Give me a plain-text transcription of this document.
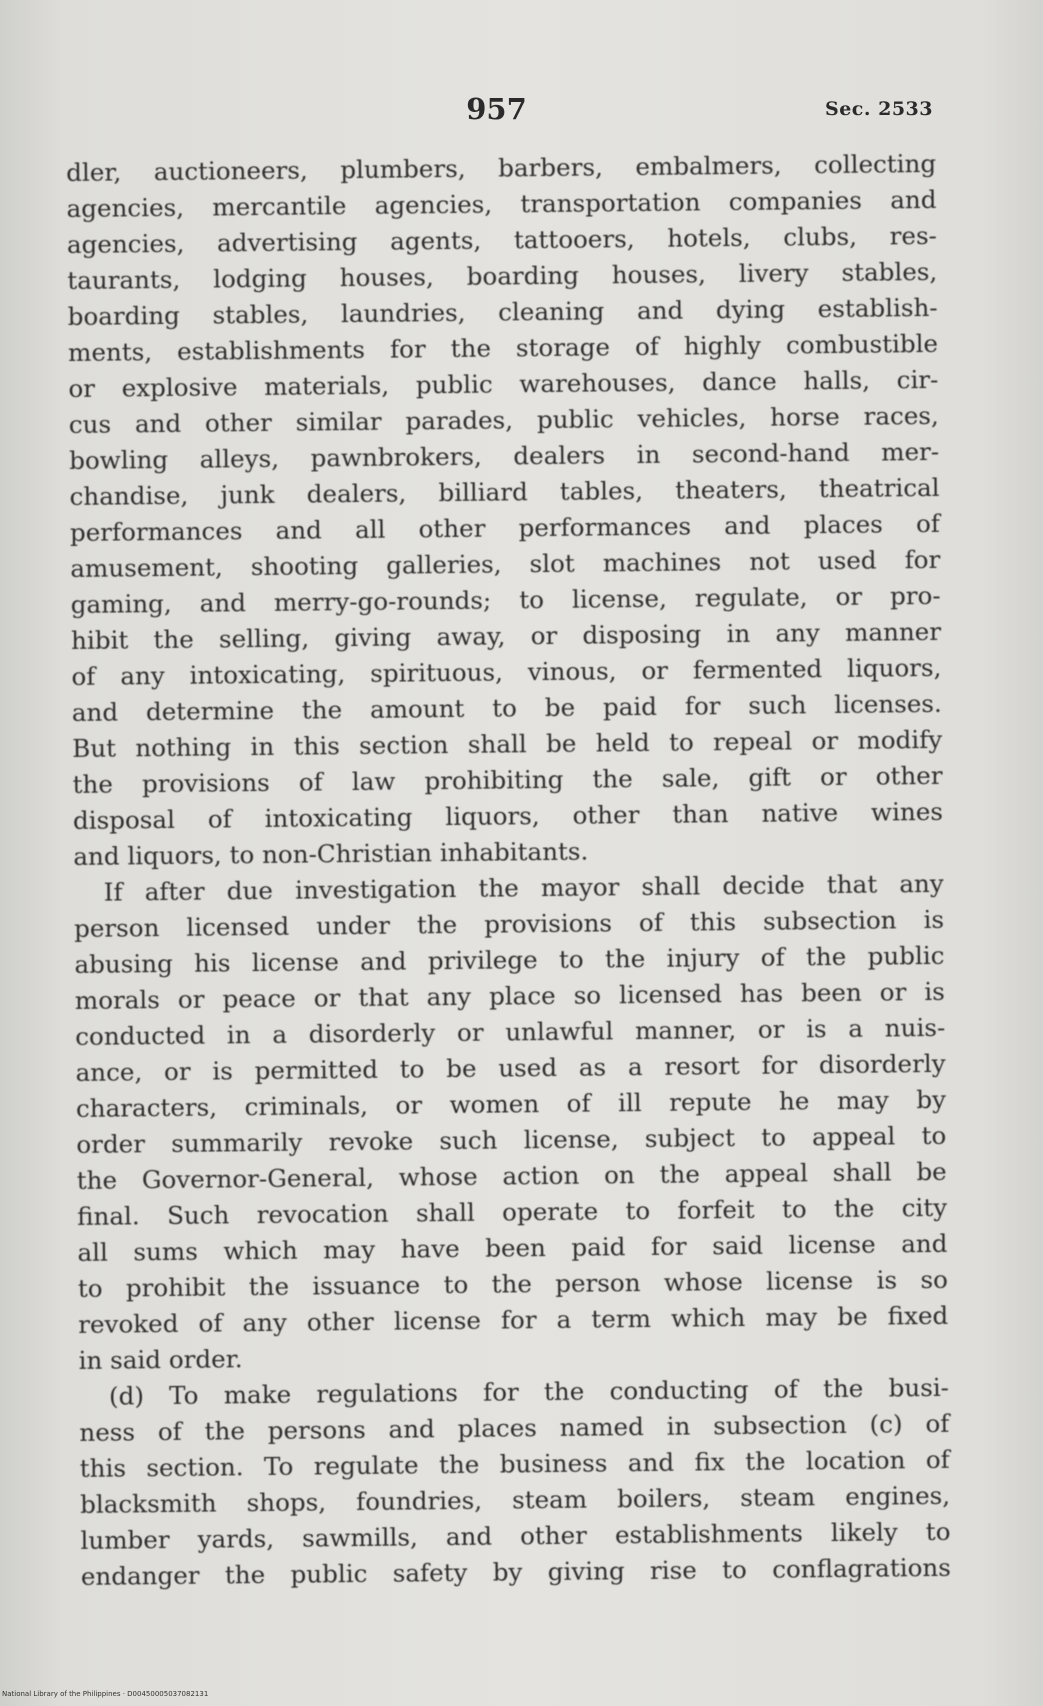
957	Sec. 2533
dler, auctioneers, plumbers, barbers, embalmers, collecting
agencies, mercantile agencies, transportation companies and
agencies, advertising agents, tattooers, hotels, clubs, res-
taurants, lodging houses, boarding houses, livery stables,
boarding stables, laundries, cleaning and dying establish-
ments, establishments for the storage of highly combustible
or explosive materials, public warehouses, dance halls, cir-
cus and other similar parades, public vehicles, horse races,
bowling alleys, pawnbrokers, dealers in second-hand mer-
chandise, junk dealers, billiard tables, theaters, theatrical
performances and all other performances and places of
amusement, shooting galleries, slot machines not used for
gaming, and merry-go-rounds; to license, regulate, or pro-
hibit the selling, giving away, or disposing in any manner
of any intoxicating, spirituous, vinous, or fermented liquors,
and determine the amount to be paid for such licenses.
But nothing in this section shall be held to repeal or modify
the provisions of law prohibiting the sale, gift or other
disposal of intoxicating liquors, other than native wines
and liquors, to non-Christian inhabitants.
If after due investigation the mayor shall decide that any
person licensed under the provisions of this subsection is
abusing his license and privilege to the injury of the public
morals or peace or that any place so licensed has been or is
conducted in a disorderly or unlawful manner, or is a nuis-
ance, or is permitted to be used as a resort for disorderly
characters, criminals, or women of ill repute he may by
order summarily revoke such license, subject to appeal to
the Governor-General, whose action on the appeal shall be
final. Such revocation shall operate to forfeit to the city
all sums which may have been paid for said license and
to prohibit the issuance to the person whose license is so
revoked of any other license for a term which may be fixed
in said order.
(d) To make regulations for the conducting of the busi-
ness of the persons and places named in subsection (c) of
this section. To regulate the business and fix the location of
blacksmith shops, foundries, steam boilers, steam engines,
lumber yards, sawmills, and other establishments likely to
endanger the public safety by giving rise to conflagrations
National Library of the Philippines · D00450005037082131
